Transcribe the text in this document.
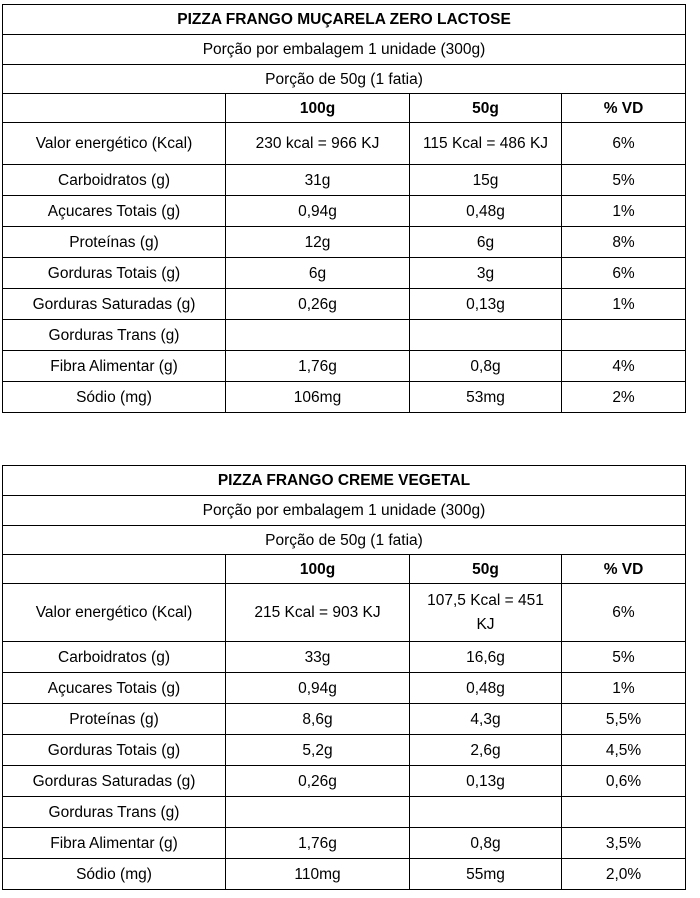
PIZZA FRANGO MUÇARELA ZERO LACTOSE			
Porção por embalagem 1 unidade (300g)			
Porção de 50g (1 fatia)			
	100g	50g	% VD
Valor energético (Kcal)	230 kcal = 966 KJ	115 Kcal = 486 KJ	6%
Carboidratos (g)	31g	15g	5%
Açucares Totais (g)	0,94g	0,48g	1%
Proteínas (g)	12g	6g	8%
Gorduras Totais (g)	6g	3g	6%
Gorduras Saturadas (g)	0,26g	0,13g	1%
Gorduras Trans (g)			
Fibra Alimentar (g)	1,76g	0,8g	4%
Sódio (mg)	106mg	53mg	2%
PIZZA FRANGO CREME VEGETAL			
Porção por embalagem 1 unidade (300g)			
Porção de 50g (1 fatia)			
	100g	50g	% VD
Valor energético (Kcal)	215 Kcal = 903 KJ	107,5 Kcal = 451 KJ	6%
Carboidratos (g)	33g	16,6g	5%
Açucares Totais (g)	0,94g	0,48g	1%
Proteínas (g)	8,6g	4,3g	5,5%
Gorduras Totais (g)	5,2g	2,6g	4,5%
Gorduras Saturadas (g)	0,26g	0,13g	0,6%
Gorduras Trans (g)			
Fibra Alimentar (g)	1,76g	0,8g	3,5%
Sódio (mg)	110mg	55mg	2,0%
